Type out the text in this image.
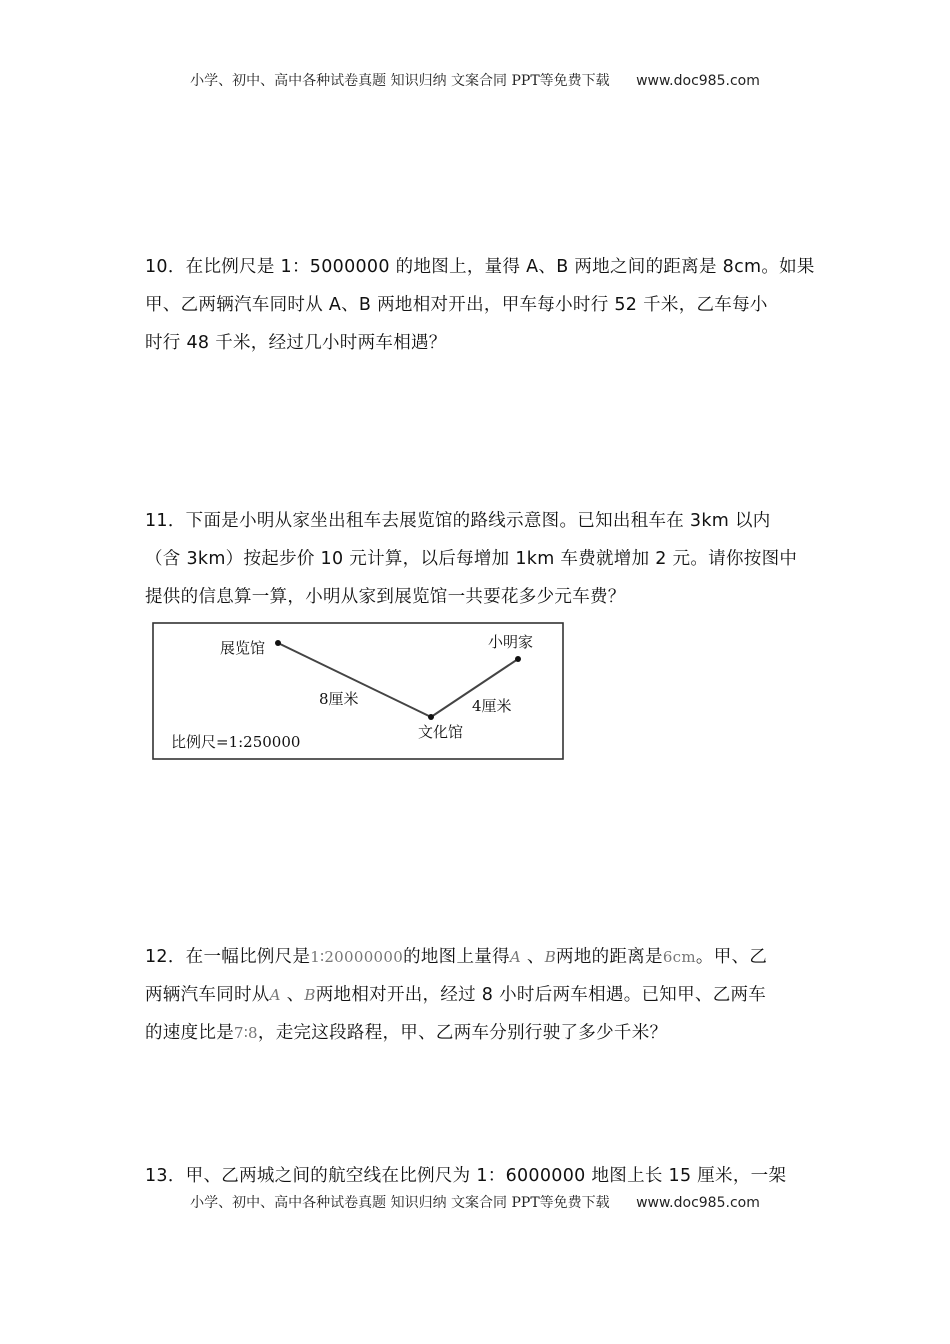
小学、初中、高中各种试卷真题 知识归纳 文案合同 PPT等免费下载 www.doc985.com

10．在比例尺是 1：5000000 的地图上，量得 A、B 两地之间的距离是 8cm。如果

甲、乙两辆汽车同时从 A、B 两地相对开出，甲车每小时行 52 千米，乙车每小

时行 48 千米，经过几小时两车相遇？

11．下面是小明从家坐出租车去展览馆的路线示意图。已知出租车在 3km 以内

（含 3km）按起步价 10 元计算，以后每增加 1km 车费就增加 2 元。请你按图中

提供的信息算一算，小明从家到展览馆一共要花多少元车费？

展览馆	小明家
文化馆
8厘米	4厘米
比例尺=1:250000

12．在一幅比例尺是1∶20000000的地图上量得A 、B两地的距离是6cm。甲、乙

两辆汽车同时从A 、B两地相对开出，经过 8 小时后两车相遇。已知甲、乙两车

的速度比是7∶8，走完这段路程，甲、乙两车分别行驶了多少千米？

13．甲、乙两城之间的航空线在比例尺为 1：6000000 地图上长 15 厘米，一架

小学、初中、高中各种试卷真题 知识归纳 文案合同 PPT等免费下载 www.doc985.com
